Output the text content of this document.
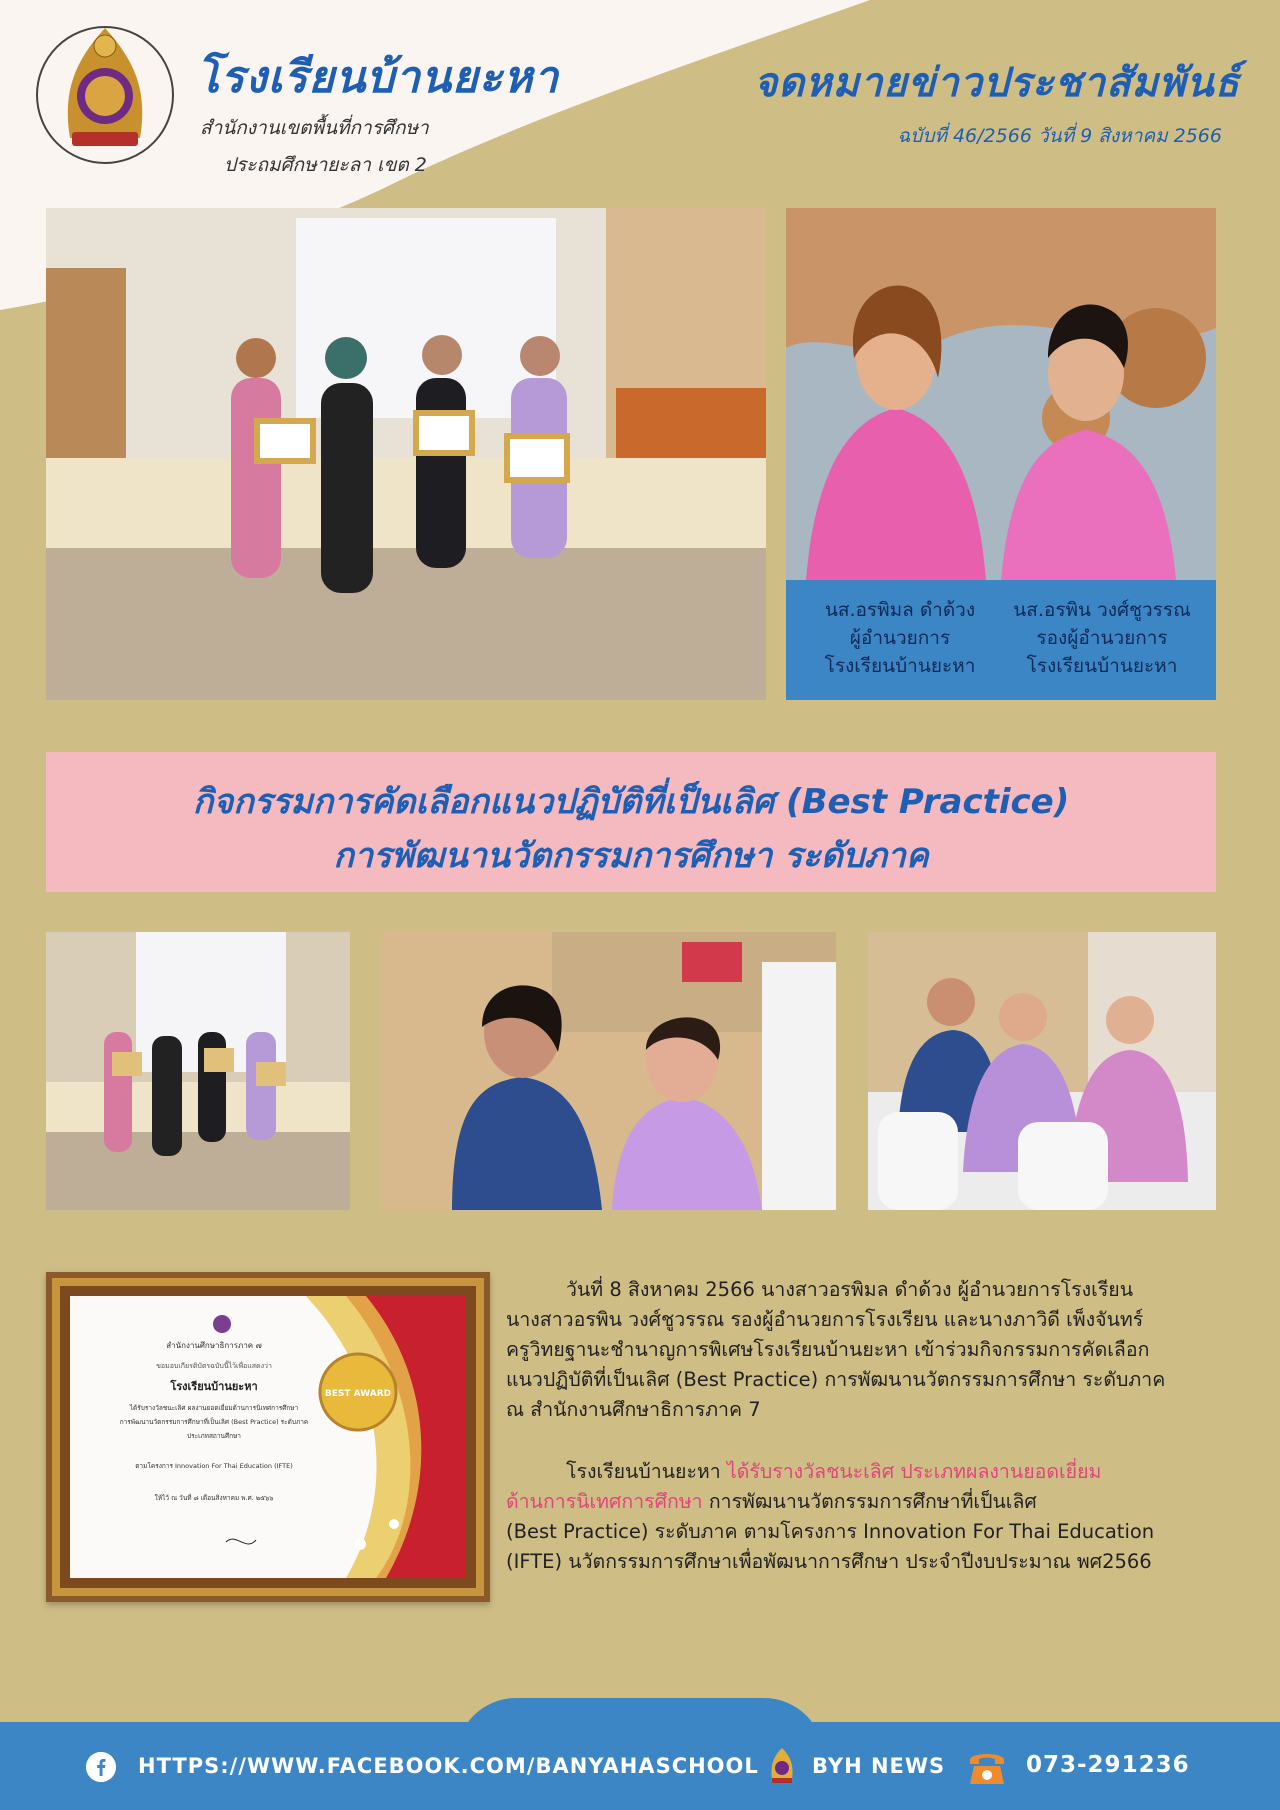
โรงเรียนบ้านยะหา
สำนักงานเขตพื้นที่การศึกษา
ประถมศึกษายะลา เขต 2
จดหมายข่าวประชาสัมพันธ์
ฉบับที่ 46/2566 วันที่ 9 สิงหาคม 2566
นส.อรพิมล ดำด้วง
ผู้อำนวยการ
โรงเรียนบ้านยะหา
นส.อรพิน วงศ์ชูวรรณ
รองผู้อำนวยการ
โรงเรียนบ้านยะหา
กิจกรรมการคัดเลือกแนวปฏิบัติที่เป็นเลิศ (Best Practice)
การพัฒนานวัตกรรมการศึกษา ระดับภาค
สำนักงานศึกษาธิการภาค ๗
ขอมอบเกียรติบัตรฉบับนี้ไว้เพื่อแสดงว่า
โรงเรียนบ้านยะหา
ได้รับรางวัลชนะเลิศ ผลงานยอดเยี่ยมด้านการนิเทศการศึกษา
การพัฒนานวัตกรรมการศึกษาที่เป็นเลิศ (Best Practice) ระดับภาค
ประเภทสถานศึกษา
ตามโครงการ Innovation For Thai Education (IFTE)
ให้ไว้ ณ วันที่ ๘ เดือนสิงหาคม พ.ศ. ๒๕๖๖
BEST AWARD
วันที่ 8 สิงหาคม 2566 นางสาวอรพิมล ดำด้วง ผู้อำนวยการโรงเรียน
นางสาวอรพิน วงศ์ชูวรรณ รองผู้อำนวยการโรงเรียน และนางภาวิดี เพ็งจันทร์
ครูวิทยฐานะชำนาญการพิเศษโรงเรียนบ้านยะหา เข้าร่วมกิจกรรมการคัดเลือก
แนวปฏิบัติที่เป็นเลิศ (Best Practice) การพัฒนานวัตกรรมการศึกษา ระดับภาค
ณ สำนักงานศึกษาธิการภาค 7
โรงเรียนบ้านยะหา ได้รับรางวัลชนะเลิศ ประเภทผลงานยอดเยี่ยม
ด้านการนิเทศการศึกษา การพัฒนานวัตกรรมการศึกษาที่เป็นเลิศ
(Best Practice) ระดับภาค ตามโครงการ Innovation For Thai Education
(IFTE) นวัตกรรมการศึกษาเพื่อพัฒนาการศึกษา ประจำปีงบประมาณ พศ2566
HTTPS://WWW.FACEBOOK.COM/BANYAHASCHOOL	BYH NEWS	073-291236
